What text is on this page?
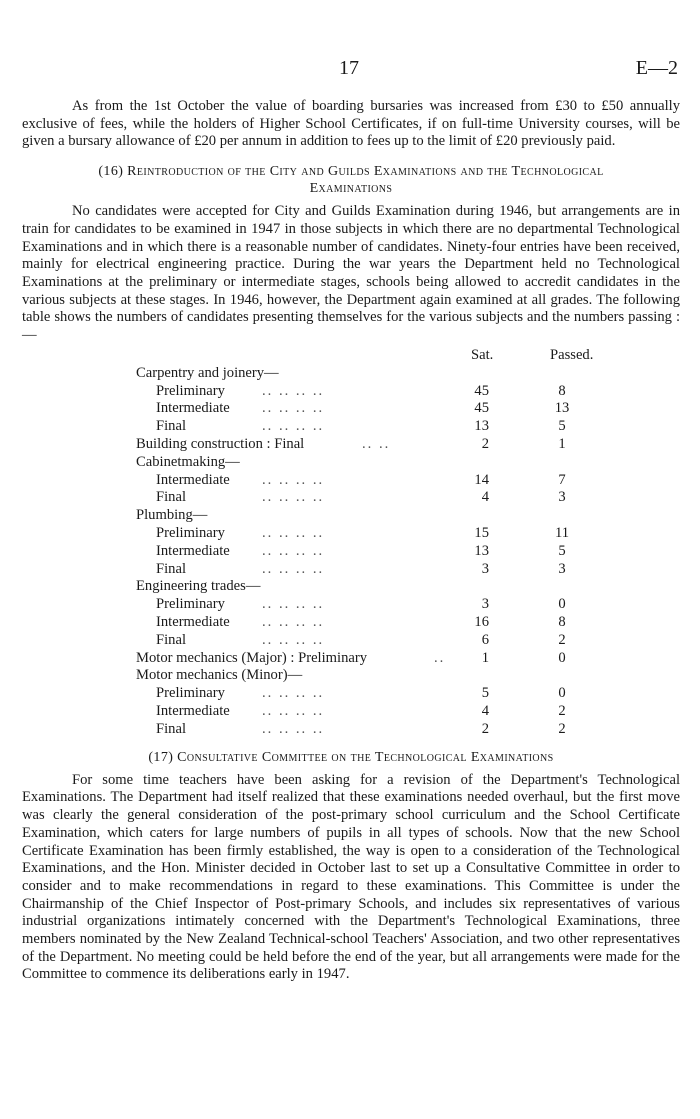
17	E—2

As from the 1st October the value of boarding bursaries was increased from £30 to £50 annually exclusive of fees, while the holders of Higher School Certificates, if on full-time University courses, will be given a bursary allowance of £20 per annum in addition to fees up to the limit of £20 previously paid.

(16) Reintroduction of the City and Guilds Examinations and the Technological Examinations

No candidates were accepted for City and Guilds Examination during 1946, but arrangements are in train for candidates to be examined in 1947 in those subjects in which there are no departmental Technological Examinations and in which there is a reasonable number of candidates. Ninety-four entries have been received, mainly for electrical engineering practice. During the war years the Department held no Technological Examinations at the preliminary or intermediate stages, schools being allowed to accredit candidates in the various subjects at these stages. In 1946, however, the Department again examined at all grades. The following table shows the numbers of candidates presenting themselves for the various subjects and the numbers passing :—

Sat.	Passed.
Carpentry and joinery—
Preliminary	.. .. .. ..	45	8
Intermediate .. .. .. ..	45	13
Final	.. .. .. ..	13	5
Building construction : Final	.. ..	2	1
Cabinetmaking—
Intermediate .. .. .. ..	14	7
Final	.. .. .. ..	4	3
Plumbing—
Preliminary	.. .. .. ..	15	11
Intermediate .. .. .. ..	13	5
Final	.. .. .. ..	3	3
Engineering trades—
Preliminary	.. .. .. ..	3	0
Intermediate .. .. .. ..	16	8
Final	.. .. .. ..	6	2
Motor mechanics (Major) : Preliminary	..	1	0
Motor mechanics (Minor)—
Preliminary	.. .. .. ..	5	0
Intermediate .. .. .. ..	4	2
Final	.. .. .. ..	2	2
(17) Consultative Committee on the Technological Examinations

For some time teachers have been asking for a revision of the Department's Technological Examinations. The Department had itself realized that these examinations needed overhaul, but the first move was clearly the general consideration of the post-primary school curriculum and the School Certificate Examination, which caters for large numbers of pupils in all types of schools. Now that the new School Certificate Examination has been firmly established, the way is open to a consideration of the Technological Examinations, and the Hon. Minister decided in October last to set up a Consultative Committee in order to consider and to make recommendations in regard to these examinations. This Committee is under the Chairmanship of the Chief Inspector of Post-primary Schools, and includes six representatives of various industrial organizations intimately concerned with the Department's Technological Examinations, three members nominated by the New Zealand Technical-school Teachers' Association, and two other representatives of the Department. No meeting could be held before the end of the year, but all arrangements were made for the Committee to commence its deliberations early in 1947.
